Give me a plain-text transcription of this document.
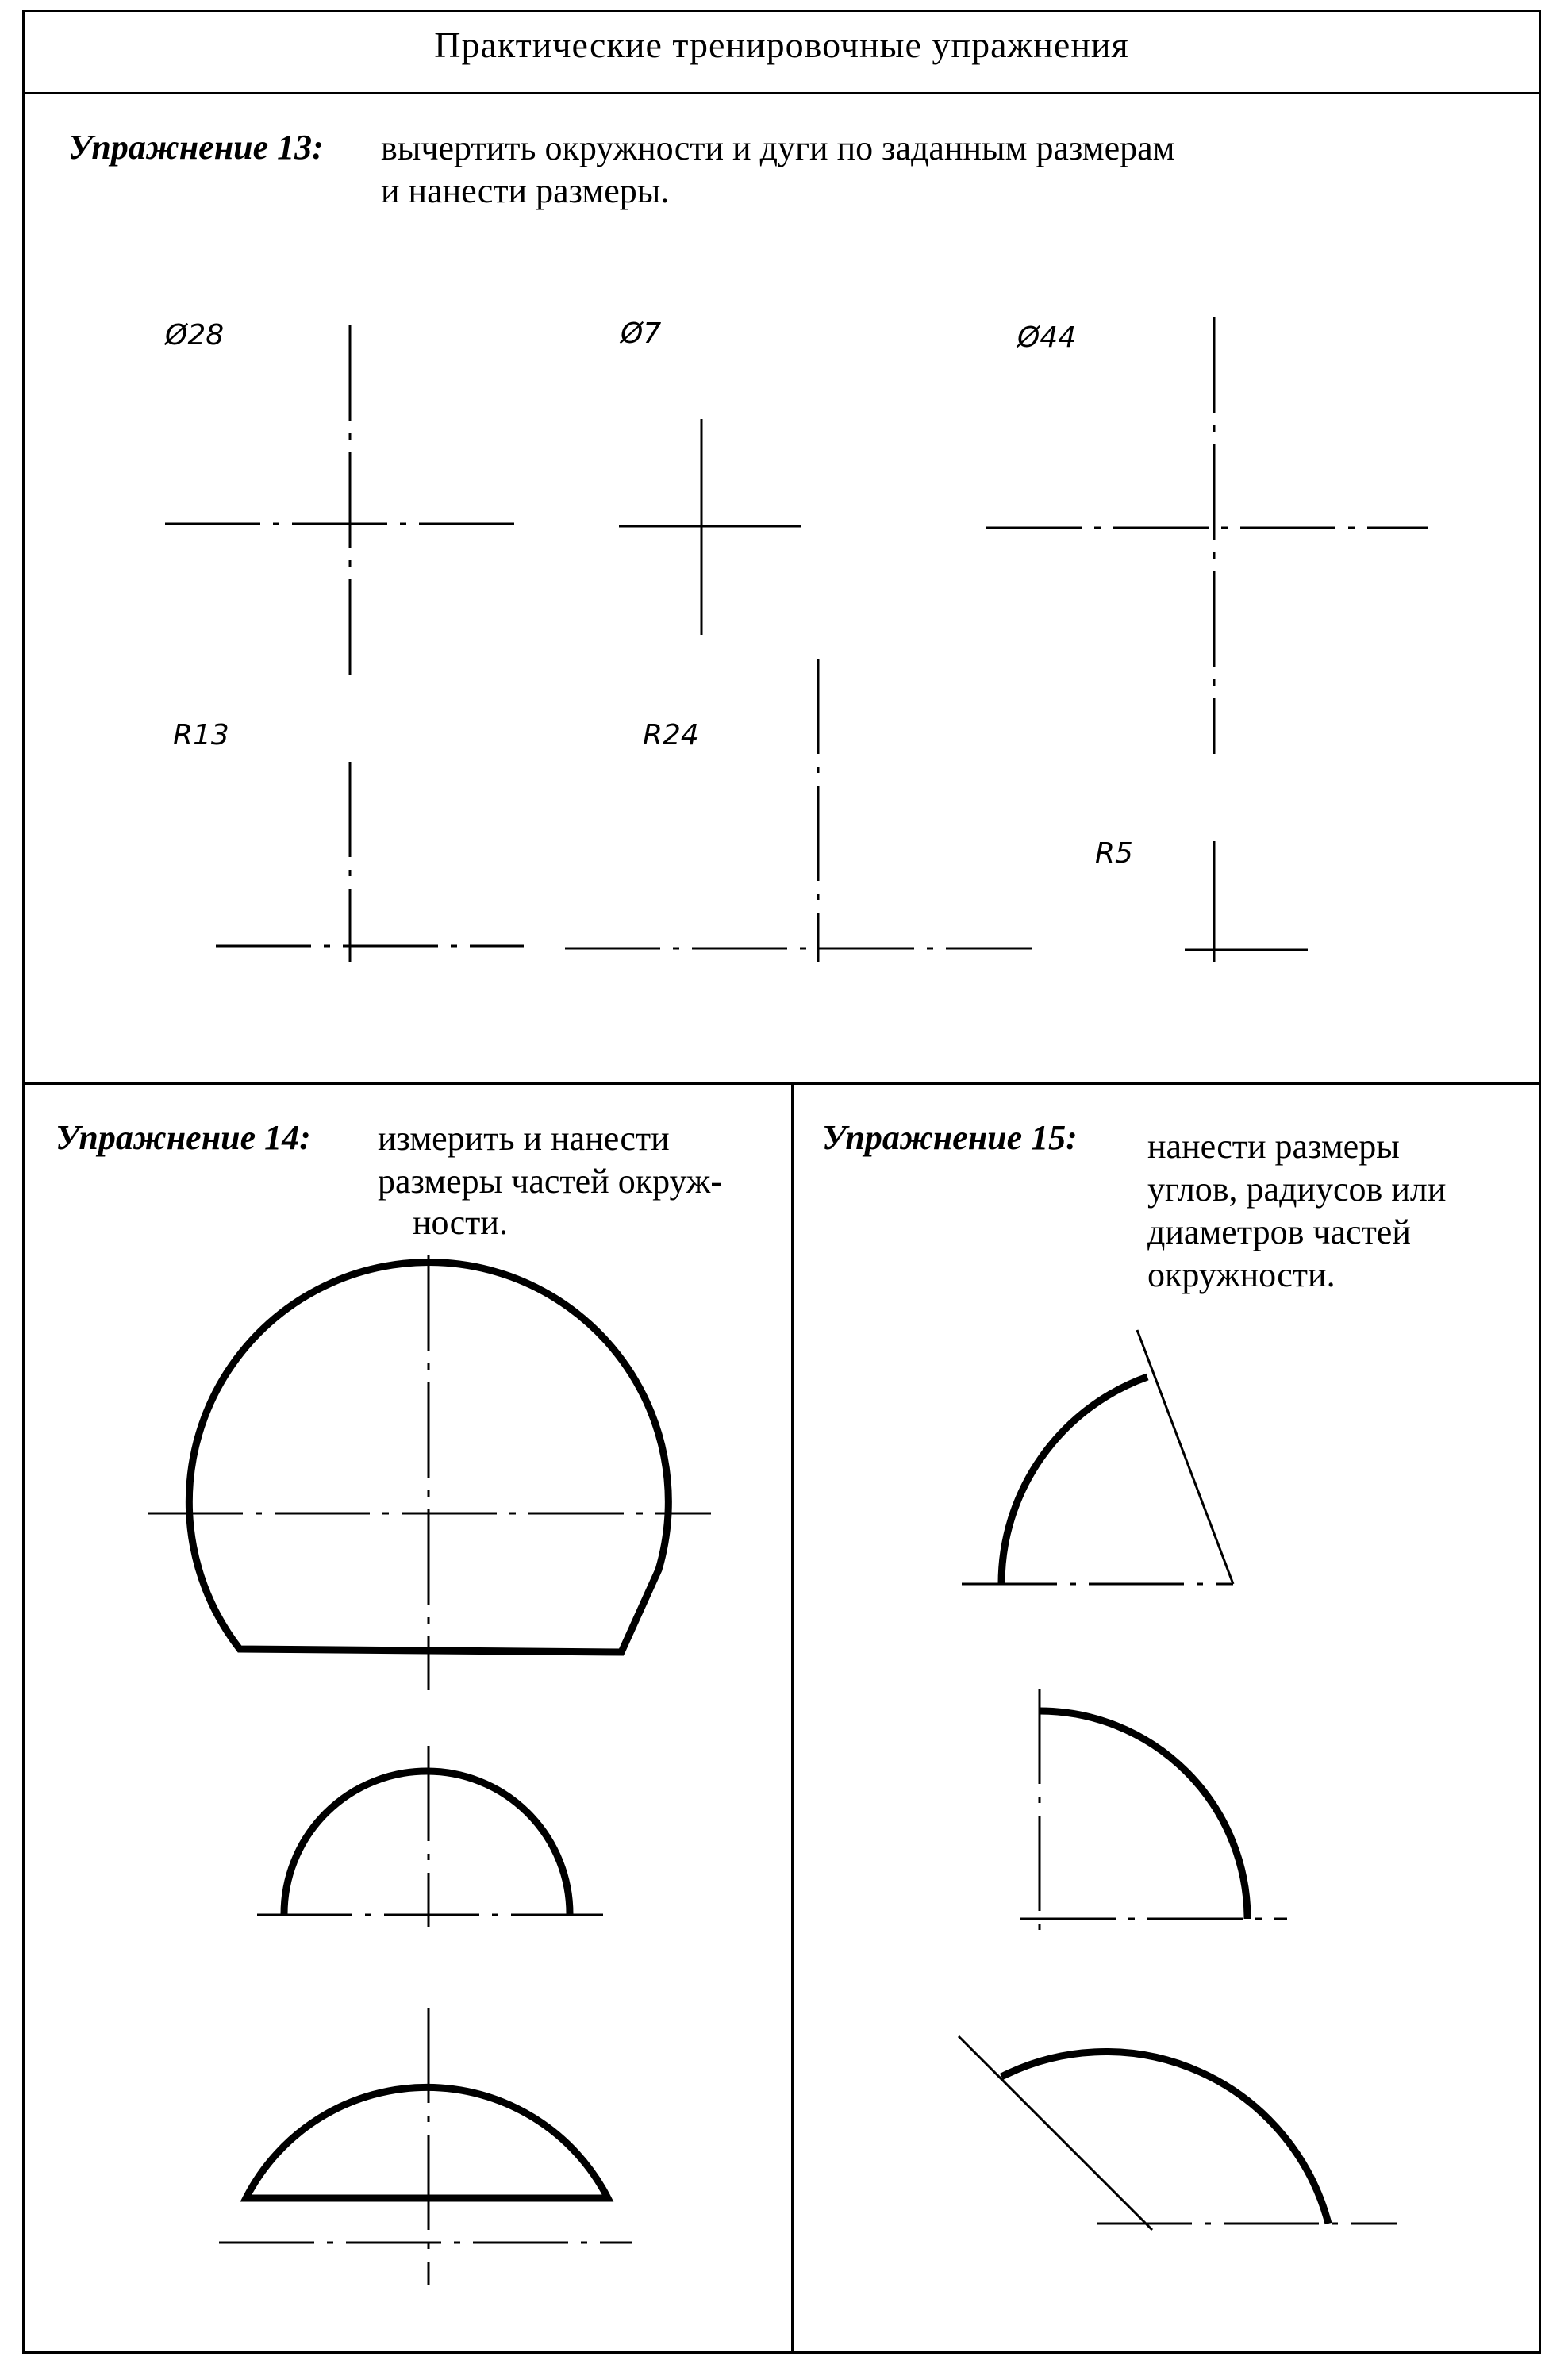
Практические тренировочные упражнения
Упражнение 13: вычертить окружности и дуги по заданным размерам
и нанести размеры.
Ø28	Ø7	Ø44
R13	R24
R5
Упражнение 14: измерить и нанести
размеры частей окруж-
ности.
Упражнение 15: нанести размеры
углов, радиусов или
диаметров частей
окружности.
